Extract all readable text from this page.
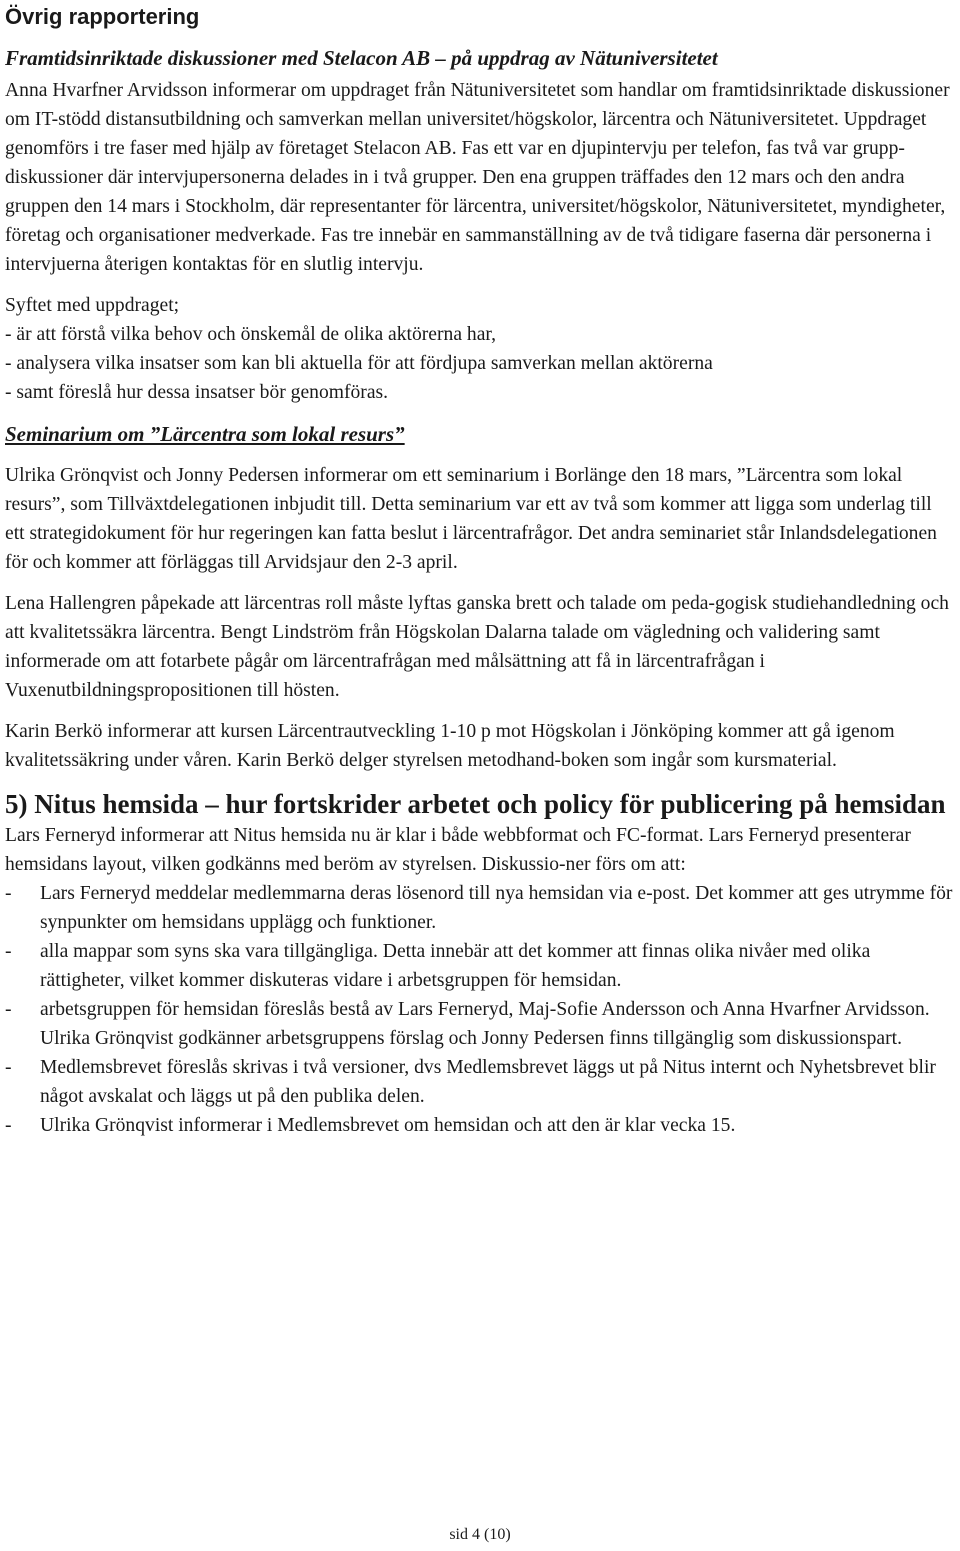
Övrig rapportering
Framtidsinriktade diskussioner med Stelacon AB – på uppdrag av Nätuniversitetet

Anna Hvarfner Arvidsson informerar om uppdraget från Nätuniversitetet som handlar om framtidsinriktade diskussioner om IT-stödd distansutbildning och samverkan mellan universitet/högskolor, lärcentra och Nätuniversitetet. Uppdraget genomförs i tre faser med hjälp av företaget Stelacon AB. Fas ett var en djupintervju per telefon, fas två var grupp-diskussioner där intervjupersonerna delades in i två grupper. Den ena gruppen träffades den 12 mars och den andra gruppen den 14 mars i Stockholm, där representanter för lärcentra, universitet/högskolor, Nätuniversitetet, myndigheter, företag och organisationer medverkade. Fas tre innebär en sammanställning av de två tidigare faserna där personerna i intervjuerna återigen kontaktas för en slutlig intervju.

Syftet med uppdraget;

- är att förstå vilka behov och önskemål de olika aktörerna har,

- analysera vilka insatser som kan bli aktuella för att fördjupa samverkan mellan aktörerna

- samt föreslå hur dessa insatser bör genomföras.

Seminarium om ”Lärcentra som lokal resurs”

Ulrika Grönqvist och Jonny Pedersen informerar om ett seminarium i Borlänge den 18 mars, ”Lärcentra som lokal resurs”, som Tillväxtdelegationen inbjudit till. Detta seminarium var ett av två som kommer att ligga som underlag till ett strategidokument för hur regeringen kan fatta beslut i lärcentrafrågor. Det andra seminariet står Inlandsdelegationen för och kommer att förläggas till Arvidsjaur den 2-3 april.

Lena Hallengren påpekade att lärcentras roll måste lyftas ganska brett och talade om peda-gogisk studiehandledning och att kvalitetssäkra lärcentra. Bengt Lindström från Högskolan Dalarna talade om vägledning och validering samt informerade om att fotarbete pågår om lärcentrafrågan med målsättning att få in lärcentrafrågan i Vuxenutbildningspropositionen till hösten.

Karin Berkö informerar att kursen Lärcentrautveckling 1-10 p mot Högskolan i Jönköping kommer att gå igenom kvalitetssäkring under våren. Karin Berkö delger styrelsen metodhand-boken som ingår som kursmaterial.

5) Nitus hemsida – hur fortskrider arbetet och policy för publicering på hemsidan

Lars Ferneryd informerar att Nitus hemsida nu är klar i både webbformat och FC-format. Lars Ferneryd presenterar hemsidans layout, vilken godkänns med beröm av styrelsen. Diskussio-ner förs om att:

- Lars Ferneryd meddelar medlemmarna deras lösenord till nya hemsidan via e-post. Det kommer att ges utrymme för synpunkter om hemsidans upplägg och funktioner.
- alla mappar som syns ska vara tillgängliga. Detta innebär att det kommer att finnas olika nivåer med olika rättigheter, vilket kommer diskuteras vidare i arbetsgruppen för hemsidan.
- arbetsgruppen för hemsidan föreslås bestå av Lars Ferneryd, Maj-Sofie Andersson och Anna Hvarfner Arvidsson. Ulrika Grönqvist godkänner arbetsgruppens förslag och Jonny Pedersen finns tillgänglig som diskussionspart.
- Medlemsbrevet föreslås skrivas i två versioner, dvs Medlemsbrevet läggs ut på Nitus internt och Nyhetsbrevet blir något avskalat och läggs ut på den publika delen.
- Ulrika Grönqvist informerar i Medlemsbrevet om hemsidan och att den är klar vecka 15.
sid 4 (10)
